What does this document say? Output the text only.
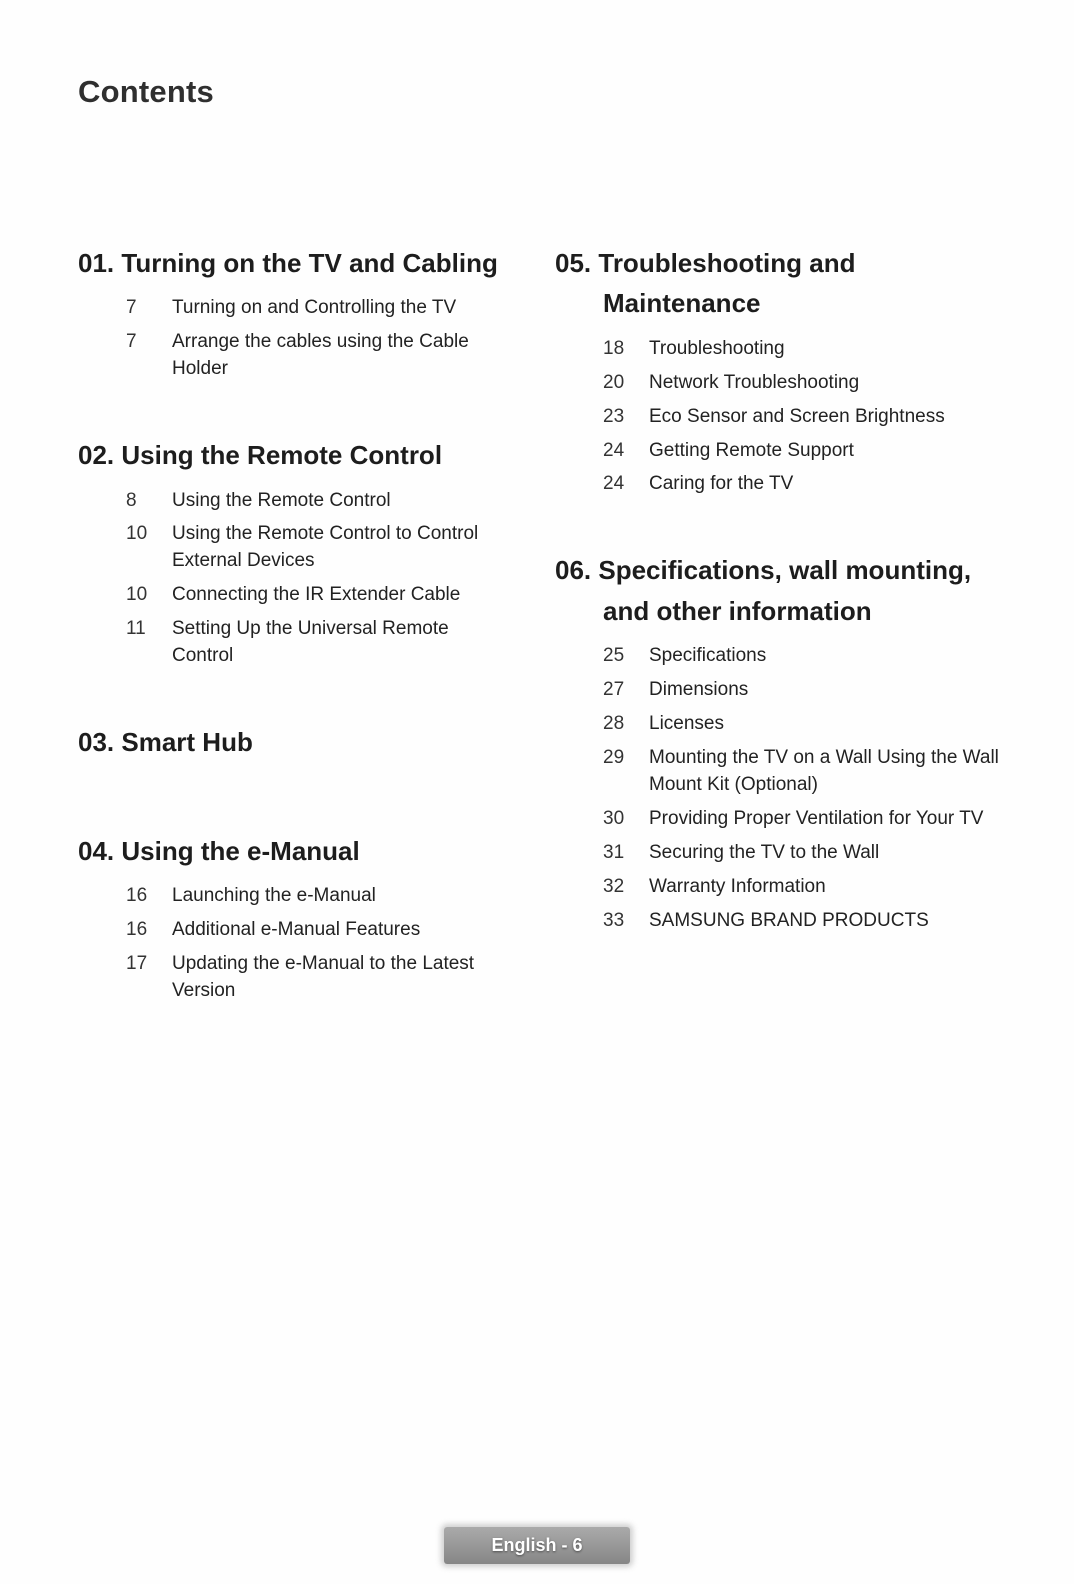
Contents
01. Turning on the TV and Cabling
7	Turning on and Controlling the TV
7	Arrange the cables using the Cable Holder
02. Using the Remote Control
8	Using the Remote Control
10	Using the Remote Control to Control External Devices
10	Connecting the IR Extender Cable
11	Setting Up the Universal Remote Control
03. Smart Hub
04. Using the e-Manual
16	Launching the e-Manual
16	Additional e-Manual Features
17	Updating the e-Manual to the Latest Version
05. Troubleshooting and Maintenance
18	Troubleshooting
20	Network Troubleshooting
23	Eco Sensor and Screen Brightness
24	Getting Remote Support
24	Caring for the TV
06. Specifications, wall mounting, and other information
25	Specifications
27	Dimensions
28	Licenses
29	Mounting the TV on a Wall Using the Wall Mount Kit (Optional)
30	Providing Proper Ventilation for Your TV
31	Securing the TV to the Wall
32	Warranty Information
33	SAMSUNG BRAND PRODUCTS
English - 6
